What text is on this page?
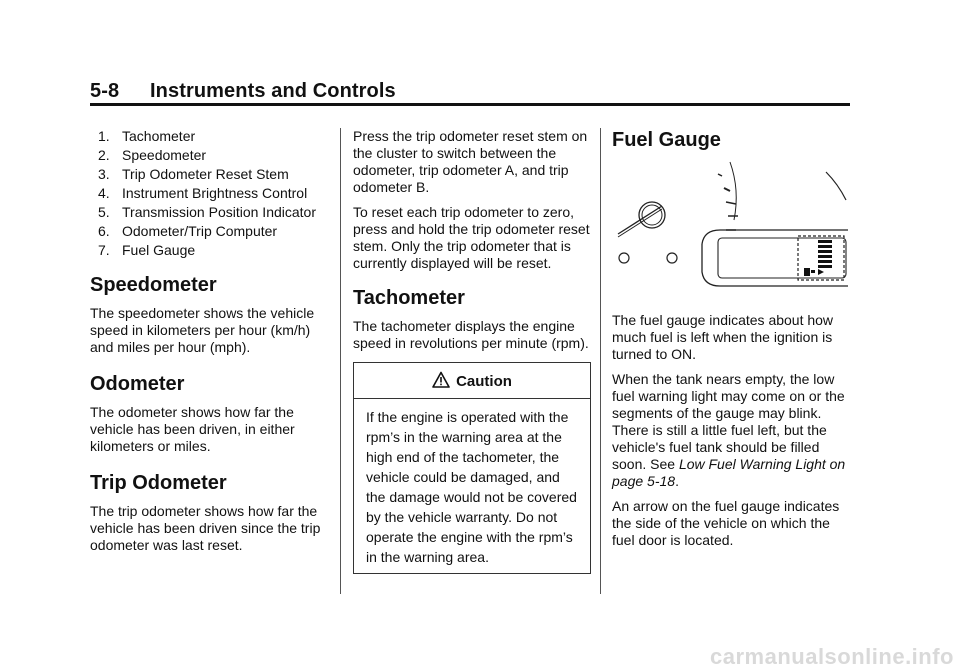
5-8 Instruments and Controls
1. Tachometer
2. Speedometer
3. Trip Odometer Reset Stem
4. Instrument Brightness Control
5. Transmission Position Indicator
6. Odometer/Trip Computer
7. Fuel Gauge
Speedometer

The speedometer shows the vehicle speed in kilometers per hour (km/h) and miles per hour (mph).

Odometer

The odometer shows how far the vehicle has been driven, in either kilometers or miles.

Trip Odometer

The trip odometer shows how far the vehicle has been driven since the trip odometer was last reset.

Press the trip odometer reset stem on the cluster to switch between the odometer, trip odometer A, and trip odometer B.

To reset each trip odometer to zero, press and hold the trip odometer reset stem. Only the trip odometer that is currently displayed will be reset.

Tachometer

The tachometer displays the engine speed in revolutions per minute (rpm).

Caution

If the engine is operated with the rpm’s in the warning area at the high end of the tachometer, the vehicle could be damaged, and the damage would not be covered by the vehicle warranty. Do not operate the engine with the rpm’s in the warning area.

Fuel Gauge

The fuel gauge indicates about how much fuel is left when the ignition is turned to ON.

When the tank nears empty, the low fuel warning light may come on or the segments of the gauge may blink. There is still a little fuel left, but the vehicle's fuel tank should be filled soon. See Low Fuel Warning Light on page 5-18.

An arrow on the fuel gauge indicates the side of the vehicle on which the fuel door is located.

carmanualsonline.info
